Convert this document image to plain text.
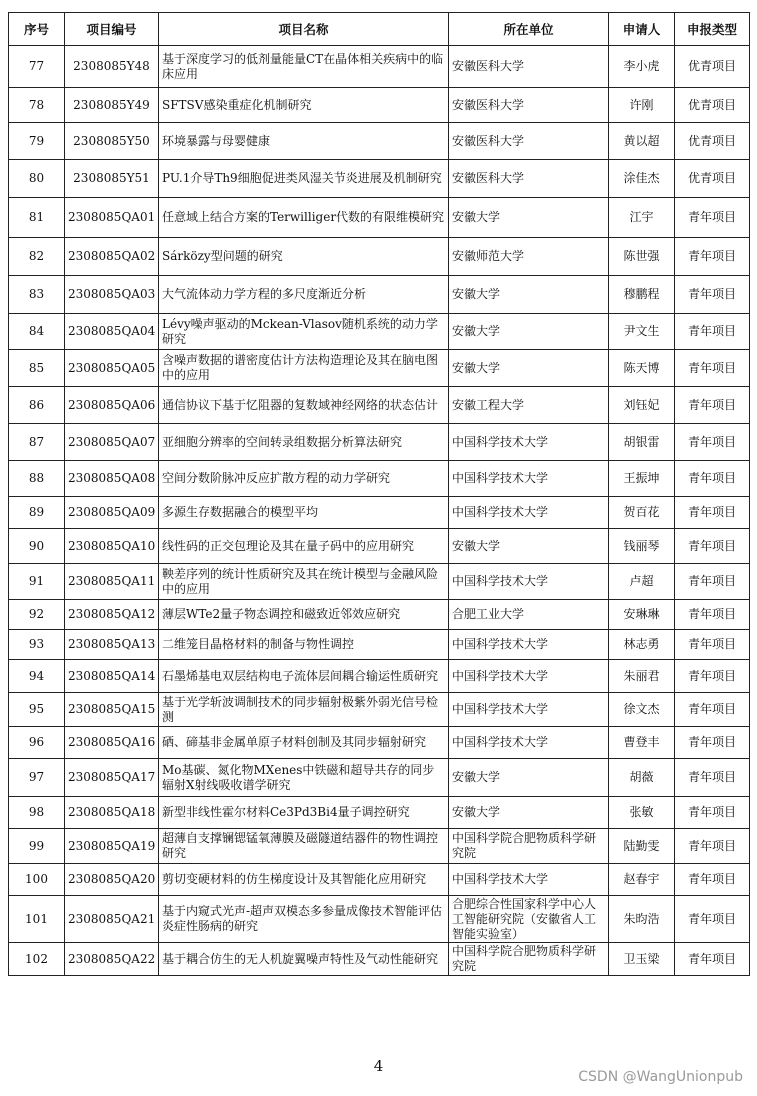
序号	项目编号	项目名称	所在单位	申请人	申报类型
77	2308085Y48	基于深度学习的低剂量能量CT在晶体相关疾病中的临床应用	安徽医科大学	李小虎	优青项目
78	2308085Y49	SFTSV感染重症化机制研究	安徽医科大学	许刚	优青项目
79	2308085Y50	环境暴露与母婴健康	安徽医科大学	黄以超	优青项目
80	2308085Y51	PU.1介导Th9细胞促进类风湿关节炎进展及机制研究	安徽医科大学	涂佳杰	优青项目
81	2308085QA01	任意域上结合方案的Terwilliger代数的有限维模研究	安徽大学	江宇	青年项目
82	2308085QA02	Sárközy型问题的研究	安徽师范大学	陈世强	青年项目
83	2308085QA03	大气流体动力学方程的多尺度渐近分析	安徽大学	穆鹏程	青年项目
84	2308085QA04	Lévy噪声驱动的Mckean-Vlasov随机系统的动力学研究	安徽大学	尹文生	青年项目
85	2308085QA05	含噪声数据的谱密度估计方法构造理论及其在脑电图中的应用	安徽大学	陈天博	青年项目
86	2308085QA06	通信协议下基于忆阻器的复数域神经网络的状态估计	安徽工程大学	刘钰妃	青年项目
87	2308085QA07	亚细胞分辨率的空间转录组数据分析算法研究	中国科学技术大学	胡银雷	青年项目
88	2308085QA08	空间分数阶脉冲反应扩散方程的动力学研究	中国科学技术大学	王振坤	青年项目
89	2308085QA09	多源生存数据融合的模型平均	中国科学技术大学	贺百花	青年项目
90	2308085QA10	线性码的正交包理论及其在量子码中的应用研究	安徽大学	钱丽琴	青年项目
91	2308085QA11	鞅差序列的统计性质研究及其在统计模型与金融风险中的应用	中国科学技术大学	卢超	青年项目
92	2308085QA12	薄层WTe2量子物态调控和磁致近邻效应研究	合肥工业大学	安琳琳	青年项目
93	2308085QA13	二维笼目晶格材料的制备与物性调控	中国科学技术大学	林志勇	青年项目
94	2308085QA14	石墨烯基电双层结构电子流体层间耦合输运性质研究	中国科学技术大学	朱丽君	青年项目
95	2308085QA15	基于光学斩波调制技术的同步辐射极紫外弱光信号检测	中国科学技术大学	徐文杰	青年项目
96	2308085QA16	硒、碲基非金属单原子材料创制及其同步辐射研究	中国科学技术大学	曹登丰	青年项目
97	2308085QA17	Mo基碳、氮化物MXenes中铁磁和超导共存的同步辐射X射线吸收谱学研究	安徽大学	胡薇	青年项目
98	2308085QA18	新型非线性霍尔材料Ce3Pd3Bi4量子调控研究	安徽大学	张敏	青年项目
99	2308085QA19	超薄自支撑镧锶锰氧薄膜及磁隧道结器件的物性调控研究	中国科学院合肥物质科学研究院	陆勤雯	青年项目
100	2308085QA20	剪切变硬材料的仿生梯度设计及其智能化应用研究	中国科学技术大学	赵春宇	青年项目
101	2308085QA21	基于内窥式光声-超声双模态多参量成像技术智能评估炎症性肠病的研究	合肥综合性国家科学中心人工智能研究院（安徽省人工智能实验室）	朱昀浩	青年项目
102	2308085QA22	基于耦合仿生的无人机旋翼噪声特性及气动性能研究	中国科学院合肥物质科学研究院	卫玉梁	青年项目
4
CSDN @WangUnionpub
